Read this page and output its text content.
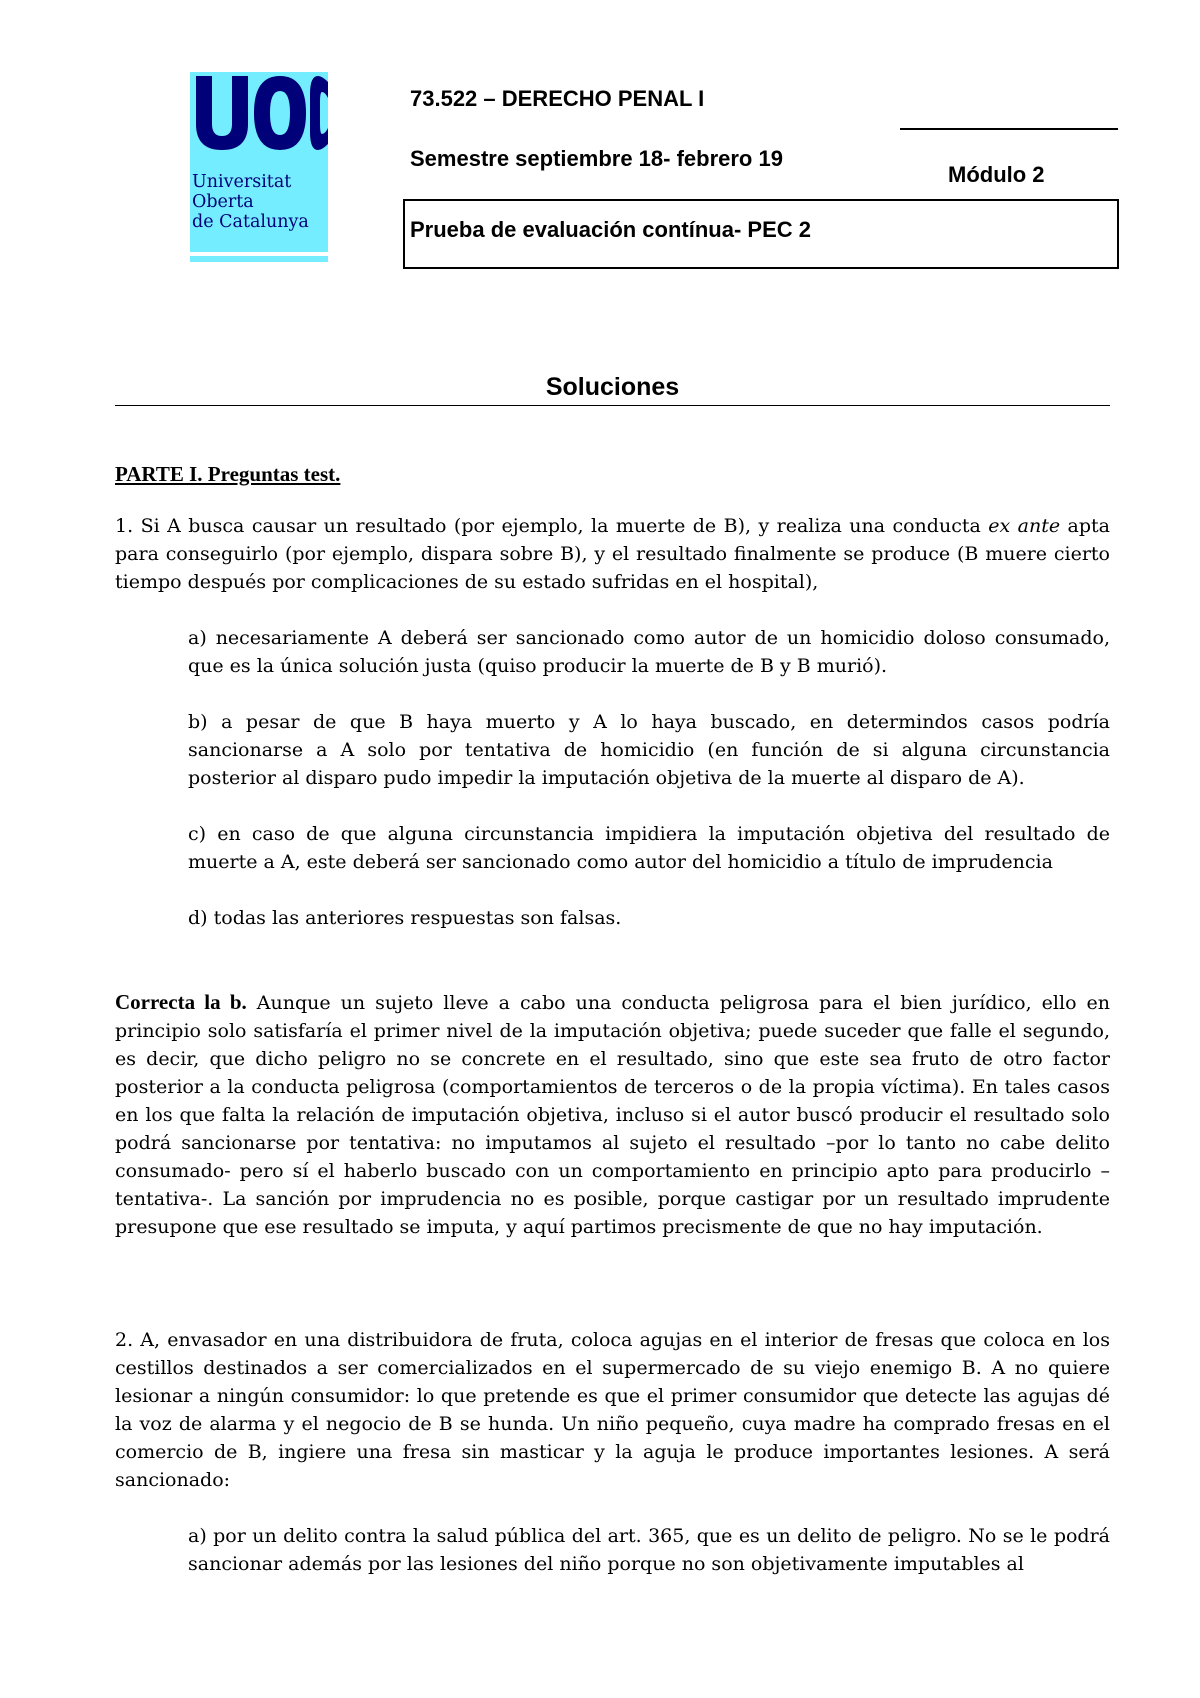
Universitat
Oberta
de Catalunya
73.522 – DERECHO PENAL I
Semestre septiembre 18- febrero 19
Módulo 2
Prueba de evaluación contínua- PEC 2
Soluciones
PARTE I. Preguntas test.
1. Si A busca causar un resultado (por ejemplo, la muerte de B), y realiza una conducta ex ante apta para conseguirlo (por ejemplo, dispara sobre B), y el resultado finalmente se produce (B muere cierto tiempo después por complicaciones de su estado sufridas en el hospital),
a) necesariamente A deberá ser sancionado como autor de un homicidio doloso consumado, que es la única solución justa (quiso producir la muerte de B y B murió).
b) a pesar de que B haya muerto y A lo haya buscado, en determindos casos podría sancionarse a A solo por tentativa de homicidio (en función de si alguna circunstancia posterior al disparo pudo impedir la imputación objetiva de la muerte al disparo de A).
c) en caso de que alguna circunstancia impidiera la imputación objetiva del resultado de muerte a A, este deberá ser sancionado como autor del homicidio a título de imprudencia
d) todas las anteriores respuestas son falsas.
Correcta la b. Aunque un sujeto lleve a cabo una conducta peligrosa para el bien jurídico, ello en principio solo satisfaría el primer nivel de la imputación objetiva; puede suceder que falle el segundo, es decir, que dicho peligro no se concrete en el resultado, sino que este sea fruto de otro factor posterior a la conducta peligrosa (comportamientos de terceros o de la propia víctima). En tales casos en los que falta la relación de imputación objetiva, incluso si el autor buscó producir el resultado solo podrá sancionarse por tentativa: no imputamos al sujeto el resultado –por lo tanto no cabe delito consumado- pero sí el haberlo buscado con un comportamiento en principio apto para producirlo –tentativa-. La sanción por imprudencia no es posible, porque castigar por un resultado imprudente presupone que ese resultado se imputa, y aquí partimos precismente de que no hay imputación.
2. A, envasador en una distribuidora de fruta, coloca agujas en el interior de fresas que coloca en los cestillos destinados a ser comercializados en el supermercado de su viejo enemigo B. A no quiere lesionar a ningún consumidor: lo que pretende es que el primer consumidor que detecte las agujas dé la voz de alarma y el negocio de B se hunda. Un niño pequeño, cuya madre ha comprado fresas en el comercio de B, ingiere una fresa sin masticar y la aguja le produce importantes lesiones. A será sancionado:
a) por un delito contra la salud pública del art. 365, que es un delito de peligro. No se le podrá sancionar además por las lesiones del niño porque no son objetivamente imputables al
